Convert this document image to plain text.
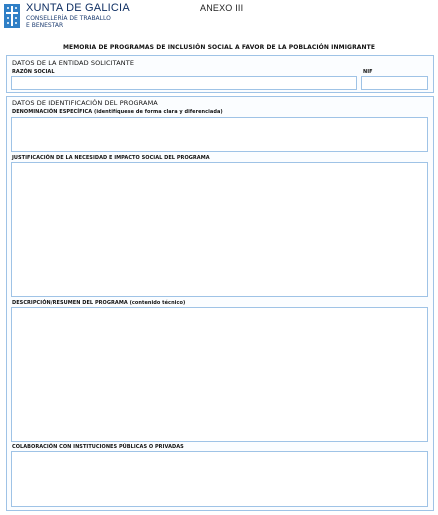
XUNTA DE GALICIA
CONSELLERÍA DE TRABALLO
E BENESTAR
ANEXO III
MEMORIA DE PROGRAMAS DE INCLUSIÓN SOCIAL A FAVOR DE LA POBLACIÓN INMIGRANTE
DATOS DE LA ENTIDAD SOLICITANTE
RAZÓN SOCIAL	NIF
DATOS DE IDENTIFICACIÓN DEL PROGRAMA
DENOMINACIÓN ESPECÍFICA (identifíquese de forma clara y diferenciada)
JUSTIFICACIÓN DE LA NECESIDAD E IMPACTO SOCIAL DEL PROGRAMA
DESCRIPCIÓN/RESUMEN DEL PROGRAMA (contenido técnico)
COLABORACIÓN CON INSTITUCIONES PÚBLICAS O PRIVADAS
